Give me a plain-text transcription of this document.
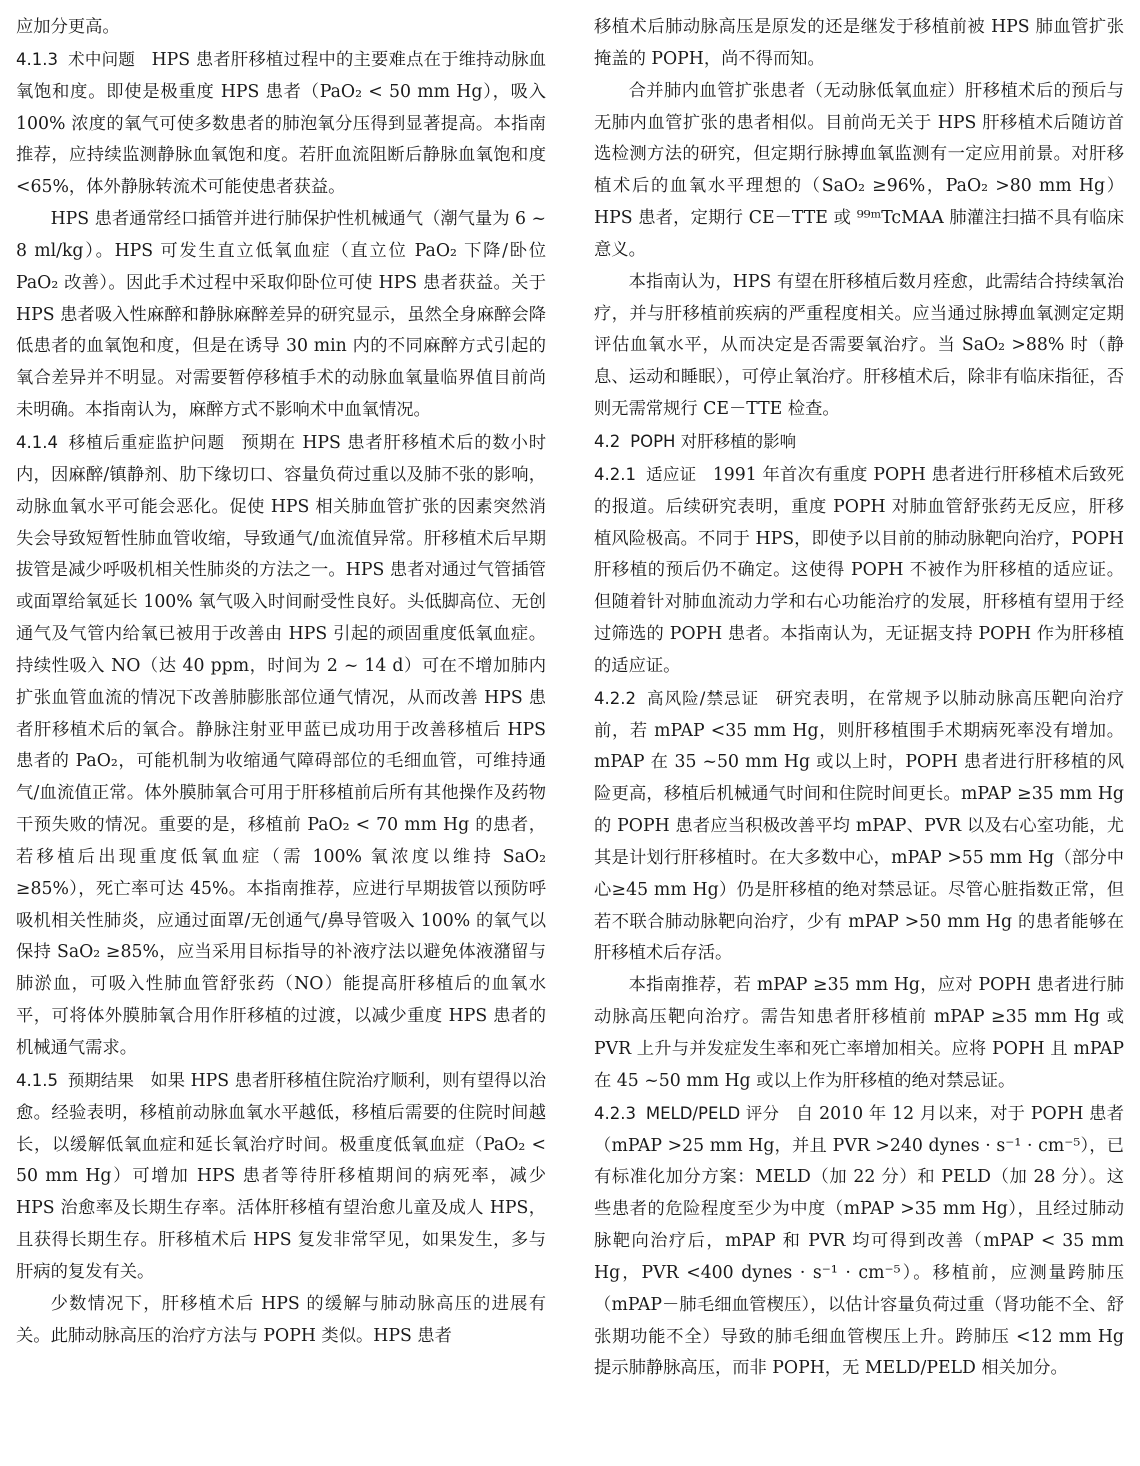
应加分更高。

4.1.3 术中问题 HPS 患者肝移植过程中的主要难点在于维持动脉血氧饱和度。即使是极重度 HPS 患者（PaO₂ < 50 mm Hg），吸入 100% 浓度的氧气可使多数患者的肺泡氧分压得到显著提高。本指南推荐，应持续监测静脉血氧饱和度。若肝血流阻断后静脉血氧饱和度 <65%，体外静脉转流术可能使患者获益。

HPS 患者通常经口插管并进行肺保护性机械通气（潮气量为 6 ~ 8 ml/kg）。HPS 可发生直立低氧血症（直立位 PaO₂ 下降/卧位 PaO₂ 改善）。因此手术过程中采取仰卧位可使 HPS 患者获益。关于 HPS 患者吸入性麻醉和静脉麻醉差异的研究显示，虽然全身麻醉会降低患者的血氧饱和度，但是在诱导 30 min 内的不同麻醉方式引起的氧合差异并不明显。对需要暂停移植手术的动脉血氧量临界值目前尚未明确。本指南认为，麻醉方式不影响术中血氧情况。

4.1.4 移植后重症监护问题 预期在 HPS 患者肝移植术后的数小时内，因麻醉/镇静剂、肋下缘切口、容量负荷过重以及肺不张的影响，动脉血氧水平可能会恶化。促使 HPS 相关肺血管扩张的因素突然消失会导致短暂性肺血管收缩，导致通气/血流值异常。肝移植术后早期拔管是减少呼吸机相关性肺炎的方法之一。HPS 患者对通过气管插管或面罩给氧延长 100% 氧气吸入时间耐受性良好。头低脚高位、无创通气及气管内给氧已被用于改善由 HPS 引起的顽固重度低氧血症。持续性吸入 NO（达 40 ppm，时间为 2 ~ 14 d）可在不增加肺内扩张血管血流的情况下改善肺膨胀部位通气情况，从而改善 HPS 患者肝移植术后的氧合。静脉注射亚甲蓝已成功用于改善移植后 HPS 患者的 PaO₂，可能机制为收缩通气障碍部位的毛细血管，可维持通气/血流值正常。体外膜肺氧合可用于肝移植前后所有其他操作及药物干预失败的情况。重要的是，移植前 PaO₂ < 70 mm Hg 的患者，若移植后出现重度低氧血症（需 100% 氧浓度以维持 SaO₂ ≥85%），死亡率可达 45%。本指南推荐，应进行早期拔管以预防呼吸机相关性肺炎，应通过面罩/无创通气/鼻导管吸入 100% 的氧气以保持 SaO₂ ≥85%，应当采用目标指导的补液疗法以避免体液潴留与肺淤血，可吸入性肺血管舒张药（NO）能提高肝移植后的血氧水平，可将体外膜肺氧合用作肝移植的过渡，以减少重度 HPS 患者的机械通气需求。

4.1.5 预期结果 如果 HPS 患者肝移植住院治疗顺利，则有望得以治愈。经验表明，移植前动脉血氧水平越低，移植后需要的住院时间越长，以缓解低氧血症和延长氧治疗时间。极重度低氧血症（PaO₂ < 50 mm Hg）可增加 HPS 患者等待肝移植期间的病死率，减少 HPS 治愈率及长期生存率。活体肝移植有望治愈儿童及成人 HPS，且获得长期生存。肝移植术后 HPS 复发非常罕见，如果发生，多与肝病的复发有关。

少数情况下，肝移植术后 HPS 的缓解与肺动脉高压的进展有关。此肺动脉高压的治疗方法与 POPH 类似。HPS 患者

移植术后肺动脉高压是原发的还是继发于移植前被 HPS 肺血管扩张掩盖的 POPH，尚不得而知。

合并肺内血管扩张患者（无动脉低氧血症）肝移植术后的预后与无肺内血管扩张的患者相似。目前尚无关于 HPS 肝移植术后随访首选检测方法的研究，但定期行脉搏血氧监测有一定应用前景。对肝移植术后的血氧水平理想的（SaO₂ ≥96%，PaO₂ >80 mm Hg）HPS 患者，定期行 CE－TTE 或 ⁹⁹ᵐTcMAA 肺灌注扫描不具有临床意义。

本指南认为，HPS 有望在肝移植后数月痊愈，此需结合持续氧治疗，并与肝移植前疾病的严重程度相关。应当通过脉搏血氧测定定期评估血氧水平，从而决定是否需要氧治疗。当 SaO₂ >88% 时（静息、运动和睡眠），可停止氧治疗。肝移植术后，除非有临床指征，否则无需常规行 CE－TTE 检查。

4.2 POPH 对肝移植的影响

4.2.1 适应证 1991 年首次有重度 POPH 患者进行肝移植术后致死的报道。后续研究表明，重度 POPH 对肺血管舒张药无反应，肝移植风险极高。不同于 HPS，即使予以目前的肺动脉靶向治疗，POPH 肝移植的预后仍不确定。这使得 POPH 不被作为肝移植的适应证。但随着针对肺血流动力学和右心功能治疗的发展，肝移植有望用于经过筛选的 POPH 患者。本指南认为，无证据支持 POPH 作为肝移植的适应证。

4.2.2 高风险/禁忌证 研究表明，在常规予以肺动脉高压靶向治疗前，若 mPAP <35 mm Hg，则肝移植围手术期病死率没有增加。mPAP 在 35 ~50 mm Hg 或以上时，POPH 患者进行肝移植的风险更高，移植后机械通气时间和住院时间更长。mPAP ≥35 mm Hg 的 POPH 患者应当积极改善平均 mPAP、PVR 以及右心室功能，尤其是计划行肝移植时。在大多数中心，mPAP >55 mm Hg（部分中心≥45 mm Hg）仍是肝移植的绝对禁忌证。尽管心脏指数正常，但若不联合肺动脉靶向治疗，少有 mPAP >50 mm Hg 的患者能够在肝移植术后存活。

本指南推荐，若 mPAP ≥35 mm Hg，应对 POPH 患者进行肺动脉高压靶向治疗。需告知患者肝移植前 mPAP ≥35 mm Hg 或 PVR 上升与并发症发生率和死亡率增加相关。应将 POPH 且 mPAP 在 45 ~50 mm Hg 或以上作为肝移植的绝对禁忌证。

4.2.3 MELD/PELD 评分 自 2010 年 12 月以来，对于 POPH 患者（mPAP >25 mm Hg，并且 PVR >240 dynes · s⁻¹ · cm⁻⁵），已有标准化加分方案：MELD（加 22 分）和 PELD（加 28 分）。这些患者的危险程度至少为中度（mPAP >35 mm Hg），且经过肺动脉靶向治疗后，mPAP 和 PVR 均可得到改善（mPAP < 35 mm Hg，PVR <400 dynes · s⁻¹ · cm⁻⁵）。移植前，应测量跨肺压（mPAP－肺毛细血管楔压），以估计容量负荷过重（肾功能不全、舒张期功能不全）导致的肺毛细血管楔压上升。跨肺压 <12 mm Hg 提示肺静脉高压，而非 POPH，无 MELD/PELD 相关加分。
